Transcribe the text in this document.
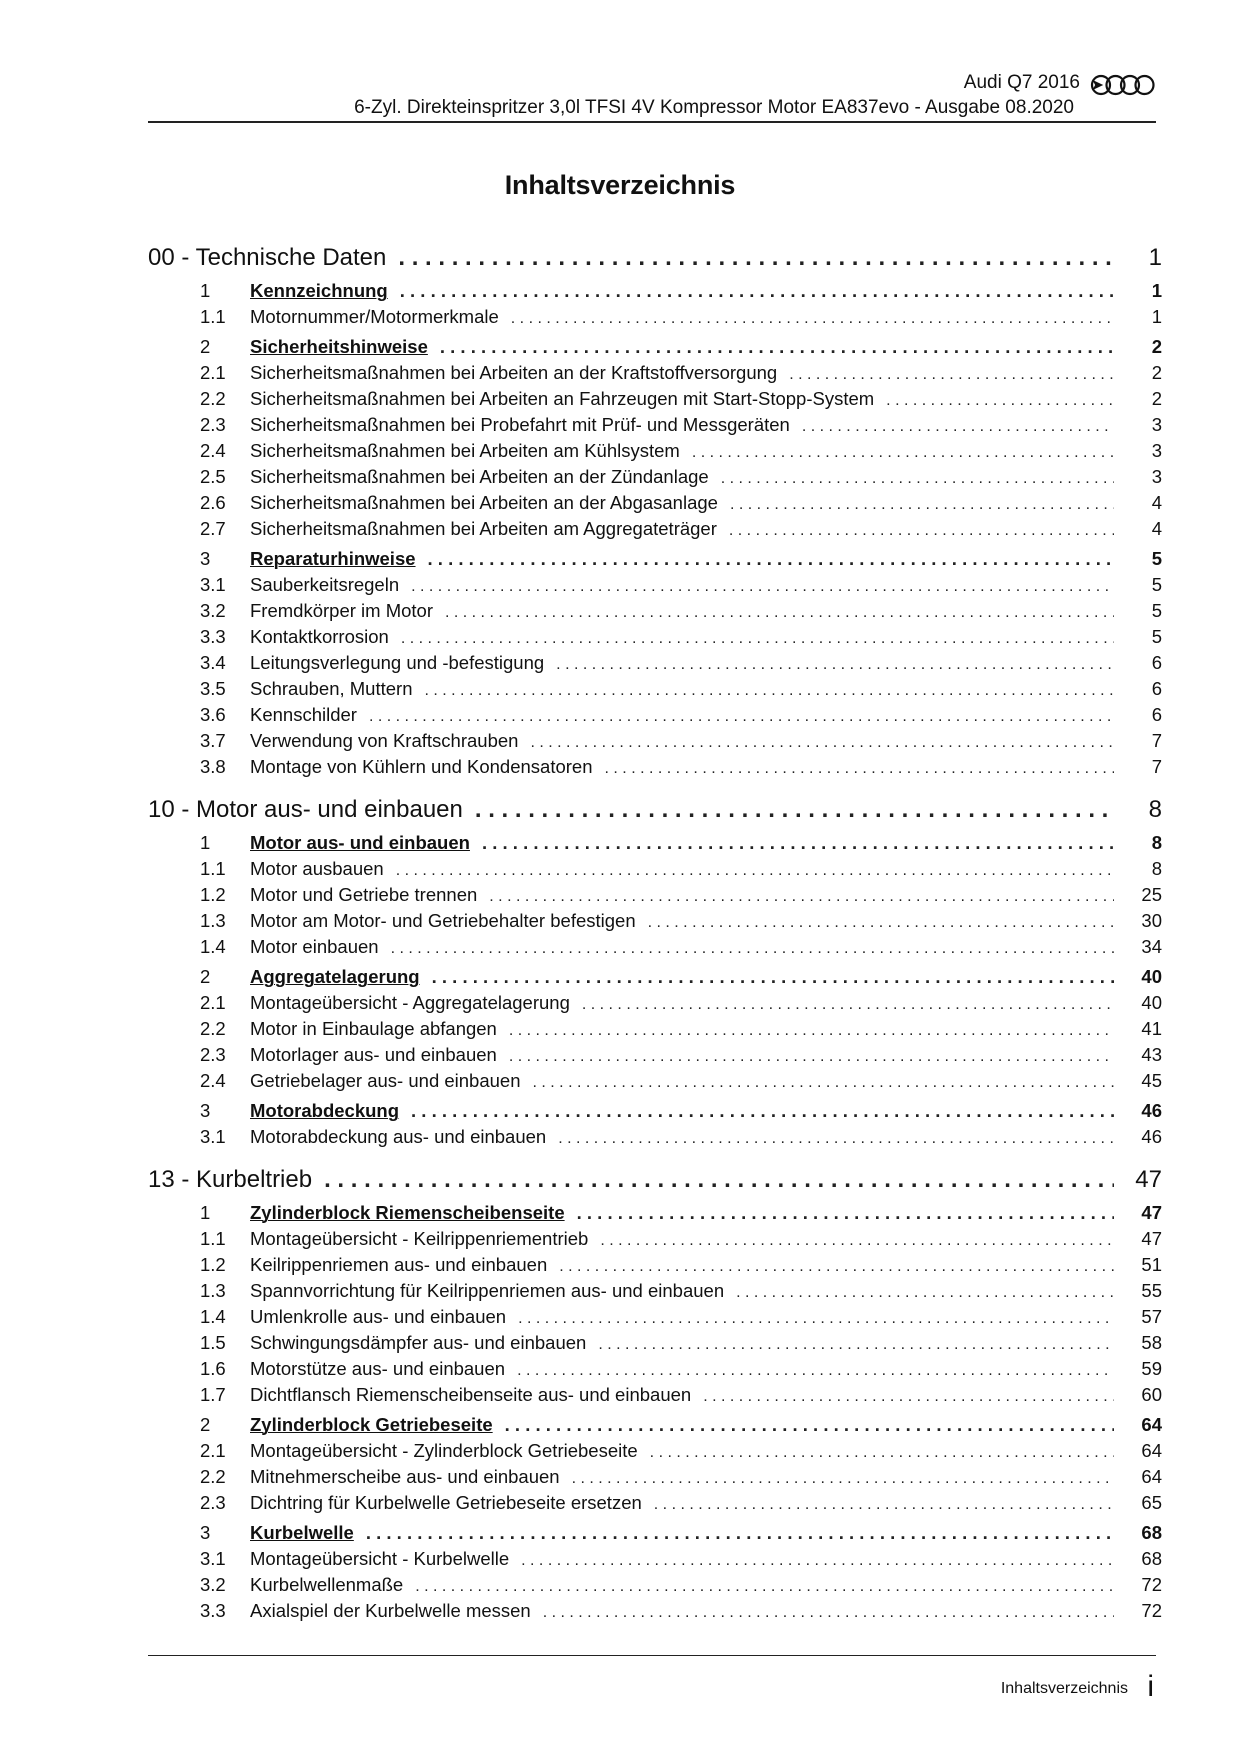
Audi Q7 2016 ➤
6-Zyl. Direkteinspritzer 3,0l TFSI 4V Kompressor Motor EA837evo - Ausgabe 08.2020
Inhaltsverzeichnis
00 - Technische Daten . . .	1
1	Kennzeichnung . . .	1
1.1	Motornummer/Motormerkmale . . .	1
2	Sicherheitshinweise . . .	2
2.1	Sicherheitsmaßnahmen bei Arbeiten an der Kraftstoffversorgung . . .	2
2.2	Sicherheitsmaßnahmen bei Arbeiten an Fahrzeugen mit Start-Stopp-System . . .	2
2.3	Sicherheitsmaßnahmen bei Probefahrt mit Prüf- und Messgeräten . . .	3
2.4	Sicherheitsmaßnahmen bei Arbeiten am Kühlsystem . . .	3
2.5	Sicherheitsmaßnahmen bei Arbeiten an der Zündanlage . . .	3
2.6	Sicherheitsmaßnahmen bei Arbeiten an der Abgasanlage . . .	4
2.7	Sicherheitsmaßnahmen bei Arbeiten am Aggregateträger . . .	4
3	Reparaturhinweise . . .	5
3.1	Sauberkeitsregeln . . .	5
3.2	Fremdkörper im Motor . . .	5
3.3	Kontaktkorrosion . . .	5
3.4	Leitungsverlegung und -befestigung . . .	6
3.5	Schrauben, Muttern . . .	6
3.6	Kennschilder . . .	6
3.7	Verwendung von Kraftschrauben . . .	7
3.8	Montage von Kühlern und Kondensatoren . . .	7
10 - Motor aus- und einbauen . . .	8
1	Motor aus- und einbauen . . .	8
1.1	Motor ausbauen . . .	8
1.2	Motor und Getriebe trennen . . .	25
1.3	Motor am Motor- und Getriebehalter befestigen . . .	30
1.4	Motor einbauen . . .	34
2	Aggregatelagerung . . .	40
2.1	Montageübersicht - Aggregatelagerung . . .	40
2.2	Motor in Einbaulage abfangen . . .	41
2.3	Motorlager aus- und einbauen . . .	43
2.4	Getriebelager aus- und einbauen . . .	45
3	Motorabdeckung . . .	46
3.1	Motorabdeckung aus- und einbauen . . .	46
13 - Kurbeltrieb . . .	47
1	Zylinderblock Riemenscheibenseite . . .	47
1.1	Montageübersicht - Keilrippenriementrieb . . .	47
1.2	Keilrippenriemen aus- und einbauen . . .	51
1.3	Spannvorrichtung für Keilrippenriemen aus- und einbauen . . .	55
1.4	Umlenkrolle aus- und einbauen . . .	57
1.5	Schwingungsdämpfer aus- und einbauen . . .	58
1.6	Motorstütze aus- und einbauen . . .	59
1.7	Dichtflansch Riemenscheibenseite aus- und einbauen . . .	60
2	Zylinderblock Getriebeseite . . .	64
2.1	Montageübersicht - Zylinderblock Getriebeseite . . .	64
2.2	Mitnehmerscheibe aus- und einbauen . . .	64
2.3	Dichtring für Kurbelwelle Getriebeseite ersetzen . . .	65
3	Kurbelwelle . . .	68
3.1	Montageübersicht - Kurbelwelle . . .	68
3.2	Kurbelwellenmaße . . .	72
3.3	Axialspiel der Kurbelwelle messen . . .	72
Inhaltsverzeichnis i
